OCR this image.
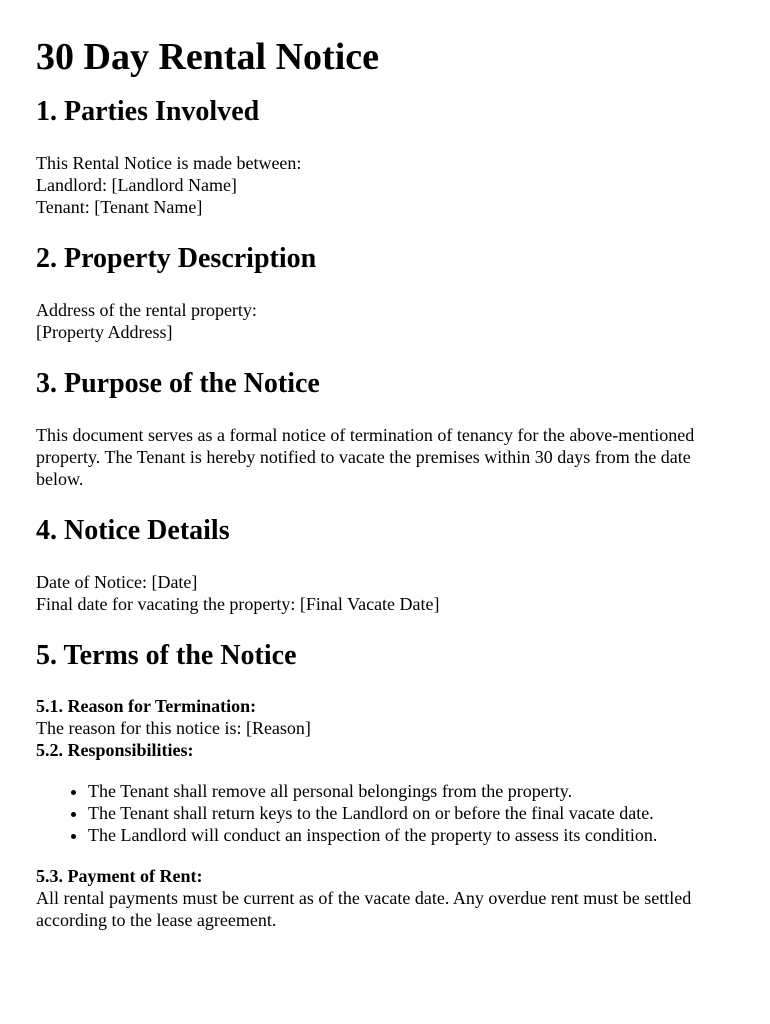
30 Day Rental Notice
1. Parties Involved

This Rental Notice is made between:

Landlord: [Landlord Name]

Tenant: [Tenant Name]

2. Property Description

Address of the rental property:

[Property Address]

3. Purpose of the Notice

This document serves as a formal notice of termination of tenancy for the above-mentioned property. The Tenant is hereby notified to vacate the premises within 30 days from the date below.

4. Notice Details

Date of Notice: [Date]

Final date for vacating the property: [Final Vacate Date]

5. Terms of the Notice

5.1. Reason for Termination:

The reason for this notice is: [Reason]

5.2. Responsibilities:

• The Tenant shall remove all personal belongings from the property.
• The Tenant shall return keys to the Landlord on or before the final vacate date.
• The Landlord will conduct an inspection of the property to assess its condition.

5.3. Payment of Rent:

All rental payments must be current as of the vacate date. Any overdue rent must be settled according to the lease agreement.
